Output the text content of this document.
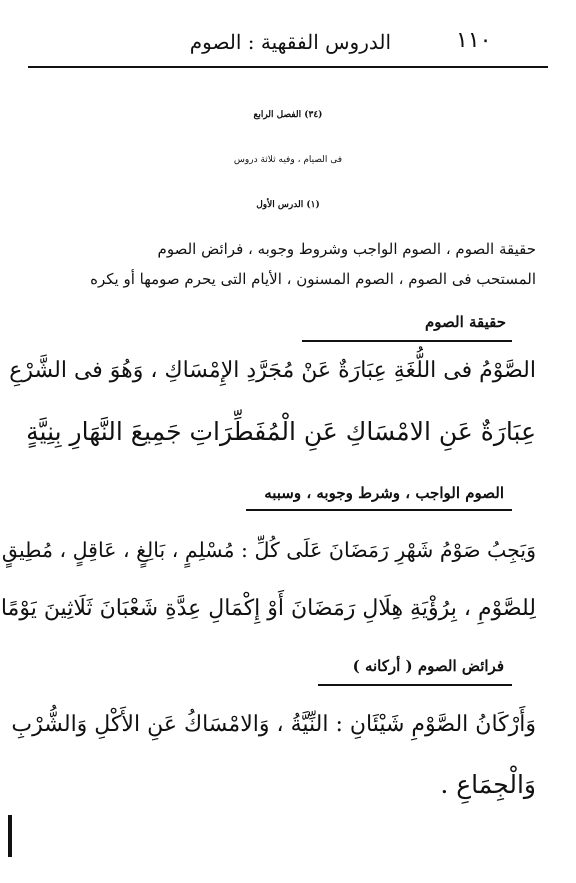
١١٠
الدروس الفقهية : الصوم
(٣٤) الفصل الرابع
فى الصيام ، وفيه ثلاثة دروس
(١) الدرس الأول
حقيقة الصوم ، الصوم الواجب وشروط وجوبه ، فرائض الصوم
المستحب فى الصوم ، الصوم المسنون ، الأيام التى يحرم صومها أو يكره
حقيقة الصوم
الصَّوْمُ فى اللُّغَةِ عِبَارَةٌ عَنْ مُجَرَّدِ الإِمْسَاكِ ، وَهُوَ فى الشَّرْعِ
عِبَارَةٌ عَنِ الامْسَاكِ عَنِ الْمُفَطِّرَاتِ جَمِيعَ النَّهَارِ بِنِيَّةٍ
الصوم الواجب ، وشرط وجوبه ، وسببه
وَيَجِبُ صَوْمُ شَهْرِ رَمَضَانَ عَلَى كُلِّ : مُسْلِمٍ ، بَالِغٍ ، عَاقِلٍ ، مُطِيقٍ
لِلصَّوْمِ ، بِرُؤْيَةِ هِلَالِ رَمَضَانَ أَوْ إِكْمَالِ عِدَّةِ شَعْبَانَ ثَلَاثِينَ يَوْمًا
فرائض الصوم ( أركانه )
وَأَرْكَانُ الصَّوْمِ شَيْئَانِ : النِّيَّةُ ، وَالامْسَاكُ عَنِ الأَكْلِ وَالشُّرْبِ
وَالْجِمَاعِ .
